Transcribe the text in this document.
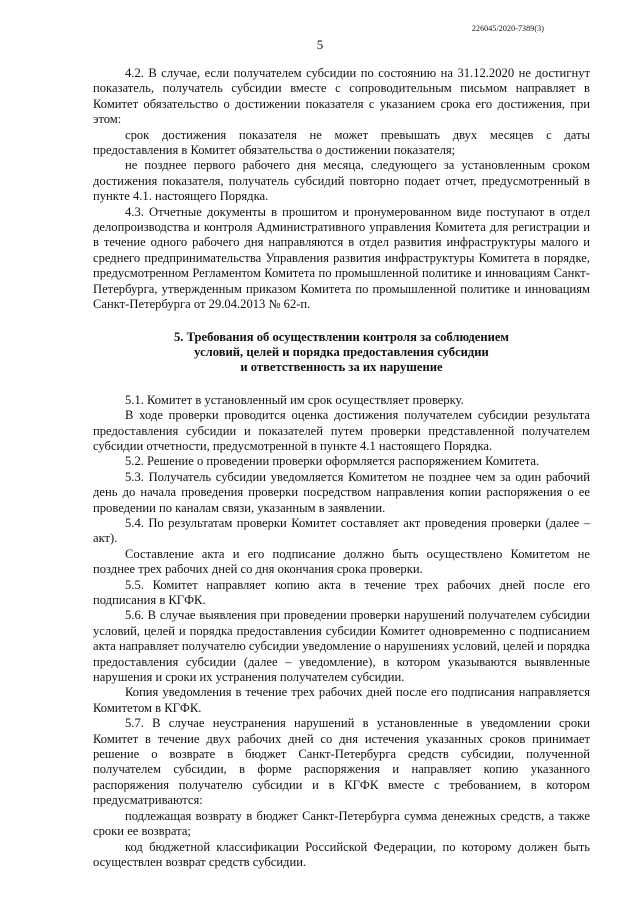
226045/2020-7389(3)
5

4.2. В случае, если получателем субсидии по состоянию на 31.12.2020 не достигнут показатель, получатель субсидии вместе с сопроводительным письмом направляет в Комитет обязательство о достижении показателя с указанием срока его достижения, при этом:

срок достижения показателя не может превышать двух месяцев с даты предоставления в Комитет обязательства о достижении показателя;

не позднее первого рабочего дня месяца, следующего за установленным сроком достижения показателя, получатель субсидий повторно подает отчет, предусмотренный в пункте 4.1. настоящего Порядка.

4.3. Отчетные документы в прошитом и пронумерованном виде поступают в отдел делопроизводства и контроля Административного управления Комитета для регистрации и в течение одного рабочего дня направляются в отдел развития инфраструктуры малого и среднего предпринимательства Управления развития инфраструктуры Комитета в порядке, предусмотренном Регламентом Комитета по промышленной политике и инновациям Санкт-Петербурга, утвержденным приказом Комитета по промышленной политике и инновациям Санкт-Петербурга от 29.04.2013 № 62-п.

5. Требования об осуществлении контроля за соблюдением
условий, целей и порядка предоставления субсидии
и ответственность за их нарушение

5.1. Комитет в установленный им срок осуществляет проверку.

В ходе проверки проводится оценка достижения получателем субсидии результата предоставления субсидии и показателей путем проверки представленной получателем субсидии отчетности, предусмотренной в пункте 4.1 настоящего Порядка.

5.2. Решение о проведении проверки оформляется распоряжением Комитета.

5.3. Получатель субсидии уведомляется Комитетом не позднее чем за один рабочий день до начала проведения проверки посредством направления копии распоряжения о ее проведении по каналам связи, указанным в заявлении.

5.4. По результатам проверки Комитет составляет акт проведения проверки (далее – акт).

Составление акта и его подписание должно быть осуществлено Комитетом не позднее трех рабочих дней со дня окончания срока проверки.

5.5. Комитет направляет копию акта в течение трех рабочих дней после его подписания в КГФК.

5.6. В случае выявления при проведении проверки нарушений получателем субсидии условий, целей и порядка предоставления субсидии Комитет одновременно с подписанием акта направляет получателю субсидии уведомление о нарушениях условий, целей и порядка предоставления субсидии (далее – уведомление), в котором указываются выявленные нарушения и сроки их устранения получателем субсидии.

Копия уведомления в течение трех рабочих дней после его подписания направляется Комитетом в КГФК.

5.7. В случае неустранения нарушений в установленные в уведомлении сроки Комитет в течение двух рабочих дней со дня истечения указанных сроков принимает решение о возврате в бюджет Санкт-Петербурга средств субсидии, полученной получателем субсидии, в форме распоряжения и направляет копию указанного распоряжения получателю субсидии и в КГФК вместе с требованием, в котором предусматриваются:

подлежащая возврату в бюджет Санкт-Петербурга сумма денежных средств, а также сроки ее возврата;

код бюджетной классификации Российской Федерации, по которому должен быть осуществлен возврат средств субсидии.
